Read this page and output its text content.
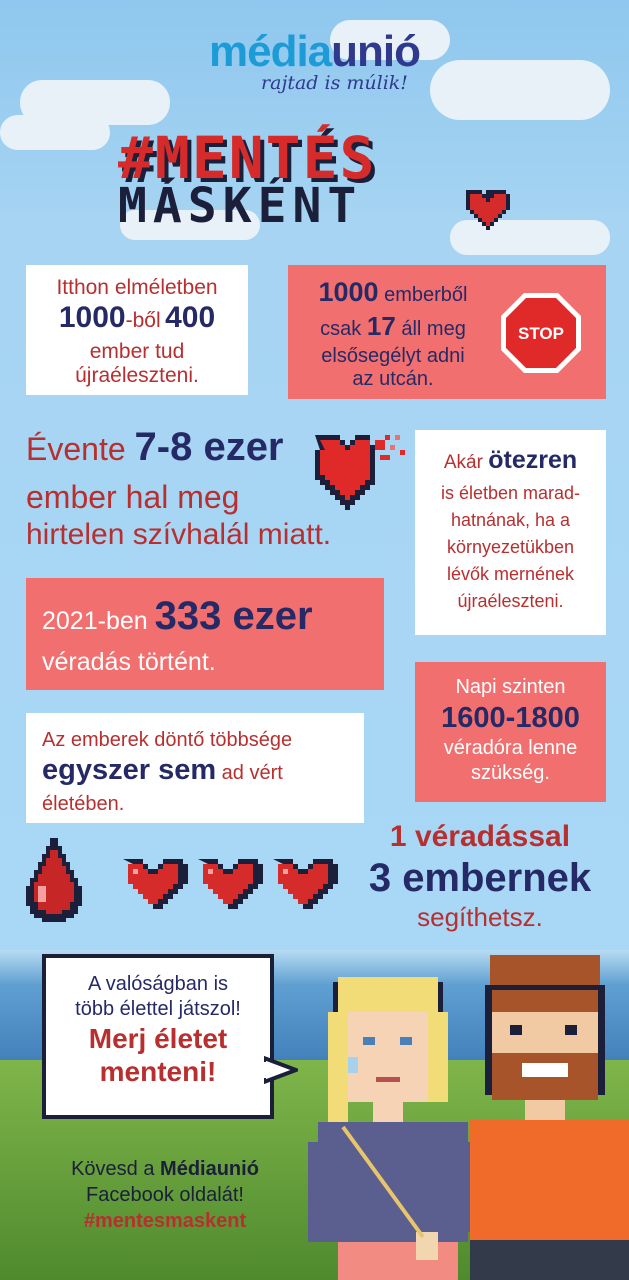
médiaunió
rajtad is múlik!
#MENTÉS
MÁSKÉNT
Itthon elméletben
1000-ből 400
ember tud
újraéleszteni.
1000 emberből
csak 17 áll meg
elsősegélyt adni
az utcán.
STOP
Évente 7-8 ezer
ember hal meg
hirtelen szívhalál miatt.
Akár ötezren
is életben marad-
hatnának, ha a
környezetükben
lévők mernének
újraéleszteni.
2021-ben 333 ezer
véradás történt.
Napi szinten
1600-1800
véradóra lenne
szükség.
Az emberek döntő többsége
egyszer sem ad vért
életében.
1 véradással
3 embernek
segíthetsz.
A valóságban is
több élettel játszol!
Merj életet
menteni!
Kövesd a Médiaunió
Facebook oldalát!
#mentesmaskent
